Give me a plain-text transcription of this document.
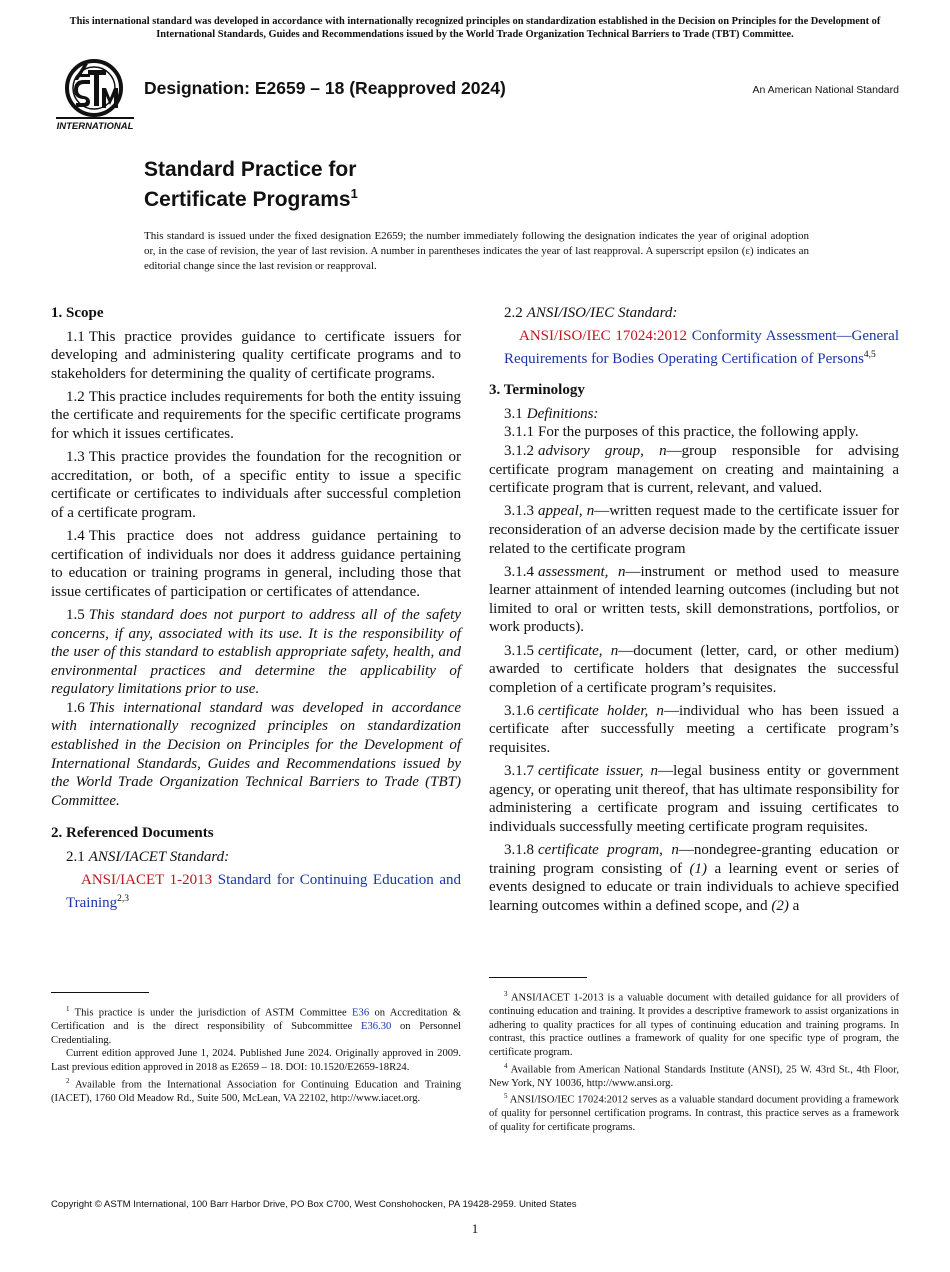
This international standard was developed in accordance with internationally recognized principles on standardization established in the Decision on Principles for the Development of International Standards, Guides and Recommendations issued by the World Trade Organization Technical Barriers to Trade (TBT) Committee.
INTERNATIONAL
Designation: E2659 – 18 (Reapproved 2024)	An American National Standard
Standard Practice for
Certificate Programs$^1$
This standard is issued under the fixed designation E2659; the number immediately following the designation indicates the year of original adoption or, in the case of revision, the year of last revision. A number in parentheses indicates the year of last reapproval. A superscript epsilon (ε) indicates an editorial change since the last revision or reapproval.
1. Scope

1.1 This practice provides guidance to certificate issuers for developing and administering quality certificate programs and to stakeholders for determining the quality of certificate programs.

1.2 This practice includes requirements for both the entity issuing the certificate and requirements for the specific certificate programs for which it issues certificates.

1.3 This practice provides the foundation for the recognition or accreditation, or both, of a specific entity to issue a specific certificate or certificates to individuals after successful completion of a certificate program.

1.4 This practice does not address guidance pertaining to certification of individuals nor does it address guidance pertaining to education or training programs in general, including those that issue certificates of participation or certificates of attendance.

1.5 This standard does not purport to address all of the safety concerns, if any, associated with its use. It is the responsibility of the user of this standard to establish appropriate safety, health, and environmental practices and determine the applicability of regulatory limitations prior to use.

1.6 This international standard was developed in accordance with internationally recognized principles on standardization established in the Decision on Principles for the Development of International Standards, Guides and Recommendations issued by the World Trade Organization Technical Barriers to Trade (TBT) Committee.

2. Referenced Documents

2.1 ANSI/IACET Standard:

ANSI/IACET 1-2013 Standard for Continuing Education and Training$^{2,3}$

2.2 ANSI/ISO/IEC Standard:

ANSI/ISO/IEC 17024:2012 Conformity Assessment—General Requirements for Bodies Operating Certification of Persons$^{4,5}$

3. Terminology

3.1 Definitions:

3.1.1 For the purposes of this practice, the following apply.

3.1.2 advisory group, n—group responsible for advising certificate program management on creating and maintaining a certificate program that is current, relevant, and valued.

3.1.3 appeal, n—written request made to the certificate issuer for reconsideration of an adverse decision made by the certificate issuer related to the certificate program

3.1.4 assessment, n—instrument or method used to measure learner attainment of intended learning outcomes (including but not limited to oral or written tests, skill demonstrations, portfolios, or work products).

3.1.5 certificate, n—document (letter, card, or other medium) awarded to certificate holders that designates the successful completion of a certificate program’s requisites.

3.1.6 certificate holder, n—individual who has been issued a certificate after successfully meeting a certificate program’s requisites.

3.1.7 certificate issuer, n—legal business entity or government agency, or operating unit thereof, that has ultimate responsibility for administering a certificate program and issuing certificates to individuals successfully meeting certificate program requisites.

3.1.8 certificate program, n—nondegree-granting education or training program consisting of (1) a learning event or series of events designed to educate or train individuals to achieve specified learning outcomes within a defined scope, and (2) a

$^1$ This practice is under the jurisdiction of ASTM Committee E36 on Accreditation & Certification and is the direct responsibility of Subcommittee E36.30 on Personnel Credentialing.

Current edition approved June 1, 2024. Published June 2024. Originally approved in 2009. Last previous edition approved in 2018 as E2659 – 18. DOI: 10.1520/E2659-18R24.

$^2$ Available from the International Association for Continuing Education and Training (IACET), 1760 Old Meadow Rd., Suite 500, McLean, VA 22102, http://www.iacet.org.

$^3$ ANSI/IACET 1-2013 is a valuable document with detailed guidance for all providers of continuing education and training. It provides a descriptive framework to assist organizations in adhering to quality practices for all types of continuing education and training programs. In contrast, this practice outlines a framework of quality for one specific type of program, the certificate program.

$^4$ Available from American National Standards Institute (ANSI), 25 W. 43rd St., 4th Floor, New York, NY 10036, http://www.ansi.org.

$^5$ ANSI/ISO/IEC 17024:2012 serves as a valuable standard document providing a framework of quality for personnel certification programs. In contrast, this practice serves as a framework of quality for certificate programs.

Copyright © ASTM International, 100 Barr Harbor Drive, PO Box C700, West Conshohocken, PA 19428-2959. United States
1
